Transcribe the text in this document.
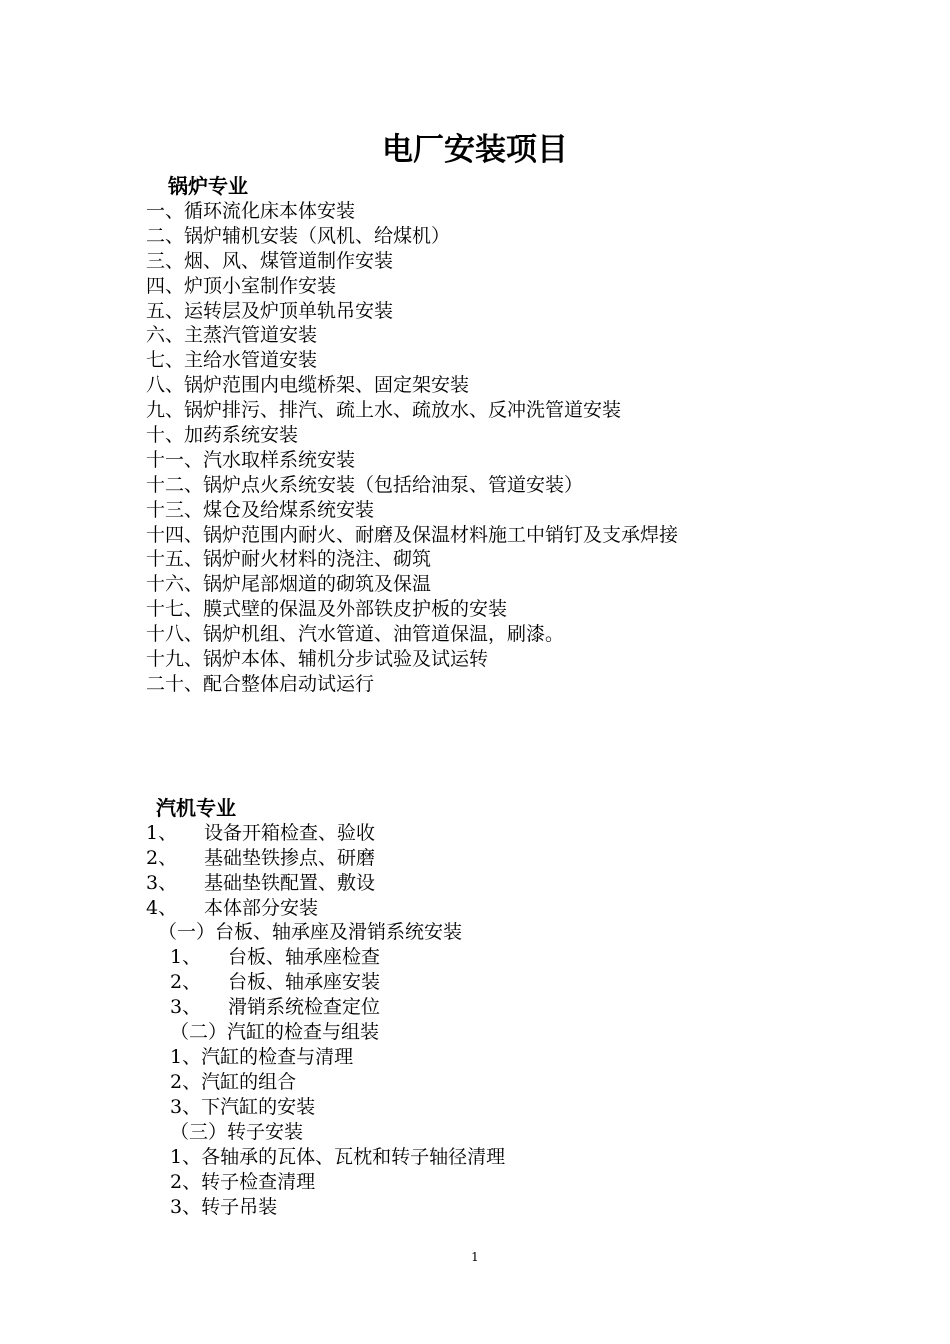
电厂安装项目
锅炉专业
一、循环流化床本体安装
二、锅炉辅机安装（风机、给煤机）
三、烟、风、煤管道制作安装
四、炉顶小室制作安装
五、运转层及炉顶单轨吊安装
六、主蒸汽管道安装
七、主给水管道安装
八、锅炉范围内电缆桥架、固定架安装
九、锅炉排污、排汽、疏上水、疏放水、反冲洗管道安装
十、加药系统安装
十一、汽水取样系统安装
十二、锅炉点火系统安装（包括给油泵、管道安装）
十三、煤仓及给煤系统安装
十四、锅炉范围内耐火、耐磨及保温材料施工中销钉及支承焊接
十五、锅炉耐火材料的浇注、砌筑
十六、锅炉尾部烟道的砌筑及保温
十七、膜式壁的保温及外部铁皮护板的安装
十八、锅炉机组、汽水管道、油管道保温，刷漆。
十九、锅炉本体、辅机分步试验及试运转
二十、配合整体启动试运行
汽机专业
1、 设备开箱检查、验收
2、 基础垫铁掺点、研磨
3、 基础垫铁配置、敷设
4、 本体部分安装
（一）台板、轴承座及滑销系统安装
1、 台板、轴承座检查
2、 台板、轴承座安装
3、 滑销系统检查定位
（二）汽缸的检查与组装
1、汽缸的检查与清理
2、汽缸的组合
3、下汽缸的安装
（三）转子安装
1、各轴承的瓦体、瓦枕和转子轴径清理
2、转子检查清理
3、转子吊装
1
